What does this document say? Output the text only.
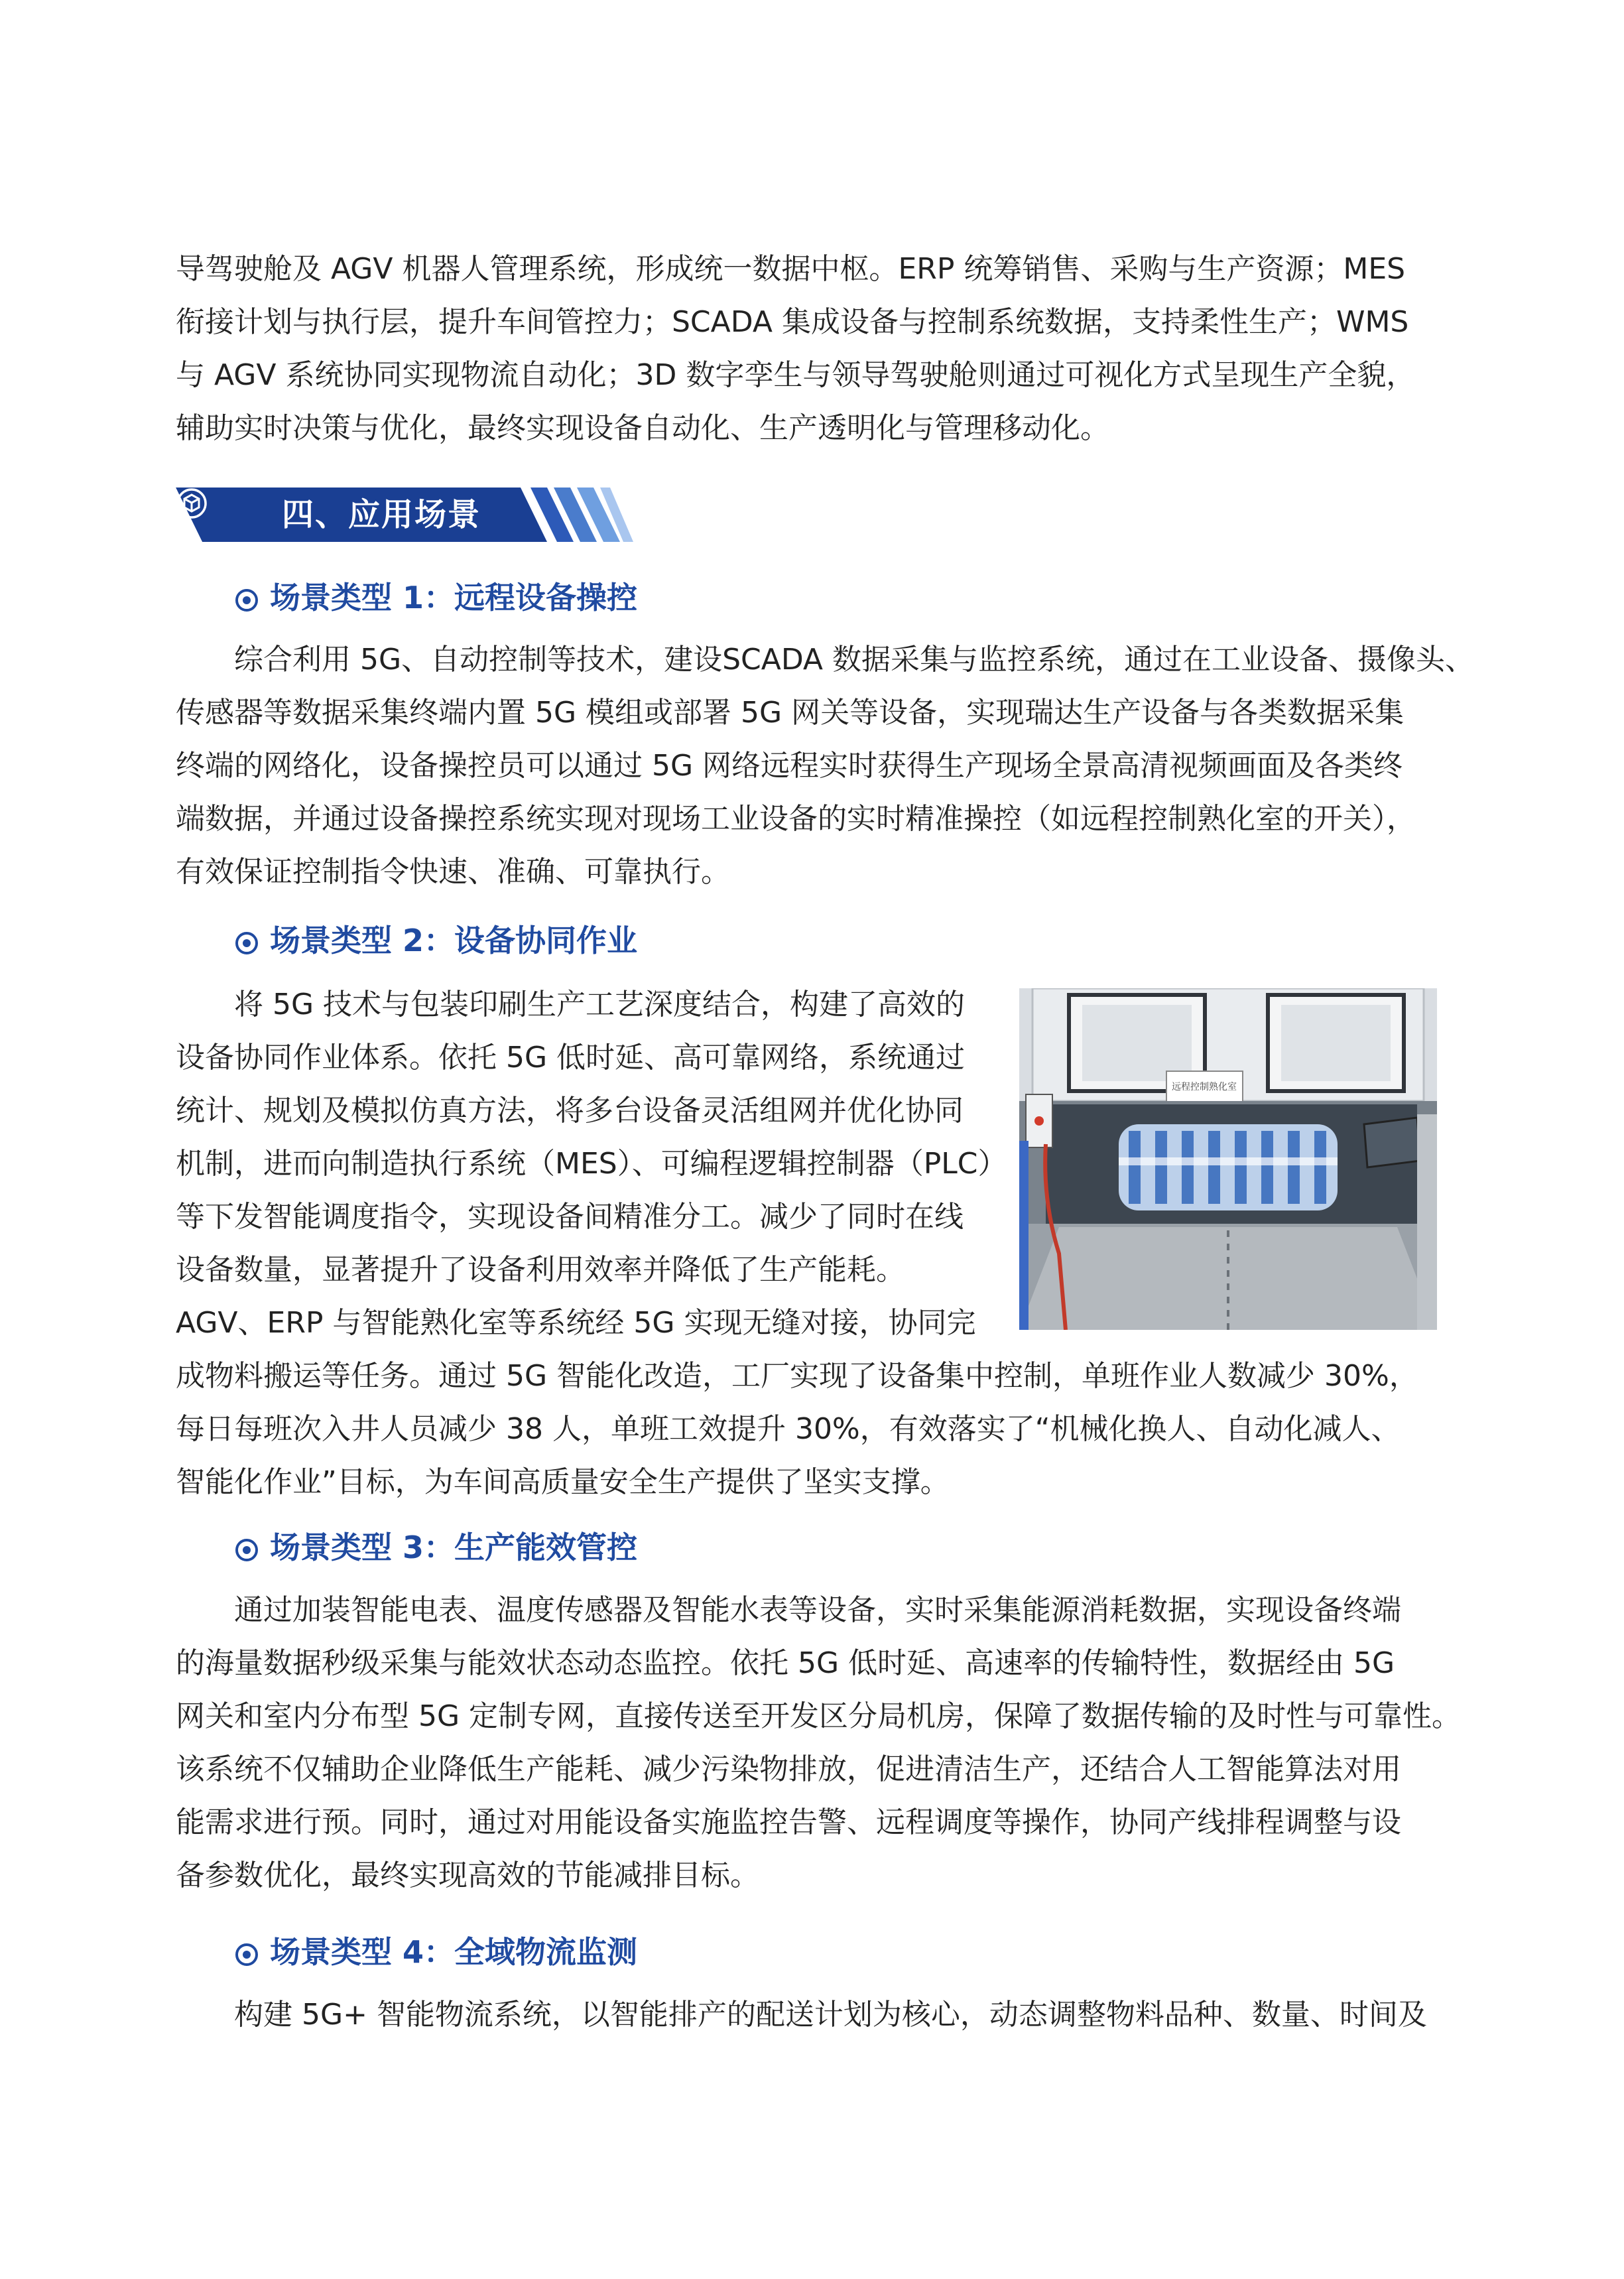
导驾驶舱及 AGV 机器人管理系统，形成统一数据中枢。ERP 统筹销售、采购与生产资源；MES
衔接计划与执行层，提升车间管控力；SCADA 集成设备与控制系统数据，支持柔性生产；WMS
与 AGV 系统协同实现物流自动化；3D 数字孪生与领导驾驶舱则通过可视化方式呈现生产全貌，
辅助实时决策与优化，最终实现设备自动化、生产透明化与管理移动化。

四、应用场景
场景类型 1：远程设备操控

综合利用 5G、自动控制等技术，建设SCADA 数据采集与监控系统，通过在工业设备、摄像头、
传感器等数据采集终端内置 5G 模组或部署 5G 网关等设备，实现瑞达生产设备与各类数据采集
终端的网络化，设备操控员可以通过 5G 网络远程实时获得生产现场全景高清视频画面及各类终
端数据，并通过设备操控系统实现对现场工业设备的实时精准操控（如远程控制熟化室的开关），
有效保证控制指令快速、准确、可靠执行。

场景类型 2：设备协同作业

将 5G 技术与包装印刷生产工艺深度结合，构建了高效的
设备协同作业体系。依托 5G 低时延、高可靠网络，系统通过
统计、规划及模拟仿真方法，将多台设备灵活组网并优化协同
机制，进而向制造执行系统（MES）、可编程逻辑控制器（PLC）
等下发智能调度指令，实现设备间精准分工。减少了同时在线
设备数量，显著提升了设备利用效率并降低了生产能耗。
AGV、ERP 与智能熟化室等系统经 5G 实现无缝对接，协同完

成物料搬运等任务。通过 5G 智能化改造，工厂实现了设备集中控制，单班作业人数减少 30%，
每日每班次入井人员减少 38 人，单班工效提升 30%，有效落实了“机械化换人、自动化减人、
智能化作业”目标，为车间高质量安全生产提供了坚实支撑。

远程控制熟化室
场景类型 3：生产能效管控

通过加装智能电表、温度传感器及智能水表等设备，实时采集能源消耗数据，实现设备终端
的海量数据秒级采集与能效状态动态监控。依托 5G 低时延、高速率的传输特性，数据经由 5G
网关和室内分布型 5G 定制专网，直接传送至开发区分局机房，保障了数据传输的及时性与可靠性。
该系统不仅辅助企业降低生产能耗、减少污染物排放，促进清洁生产，还结合人工智能算法对用
能需求进行预。同时，通过对用能设备实施监控告警、远程调度等操作，协同产线排程调整与设
备参数优化，最终实现高效的节能减排目标。

场景类型 4：全域物流监测

构建 5G+ 智能物流系统，以智能排产的配送计划为核心，动态调整物料品种、数量、时间及
